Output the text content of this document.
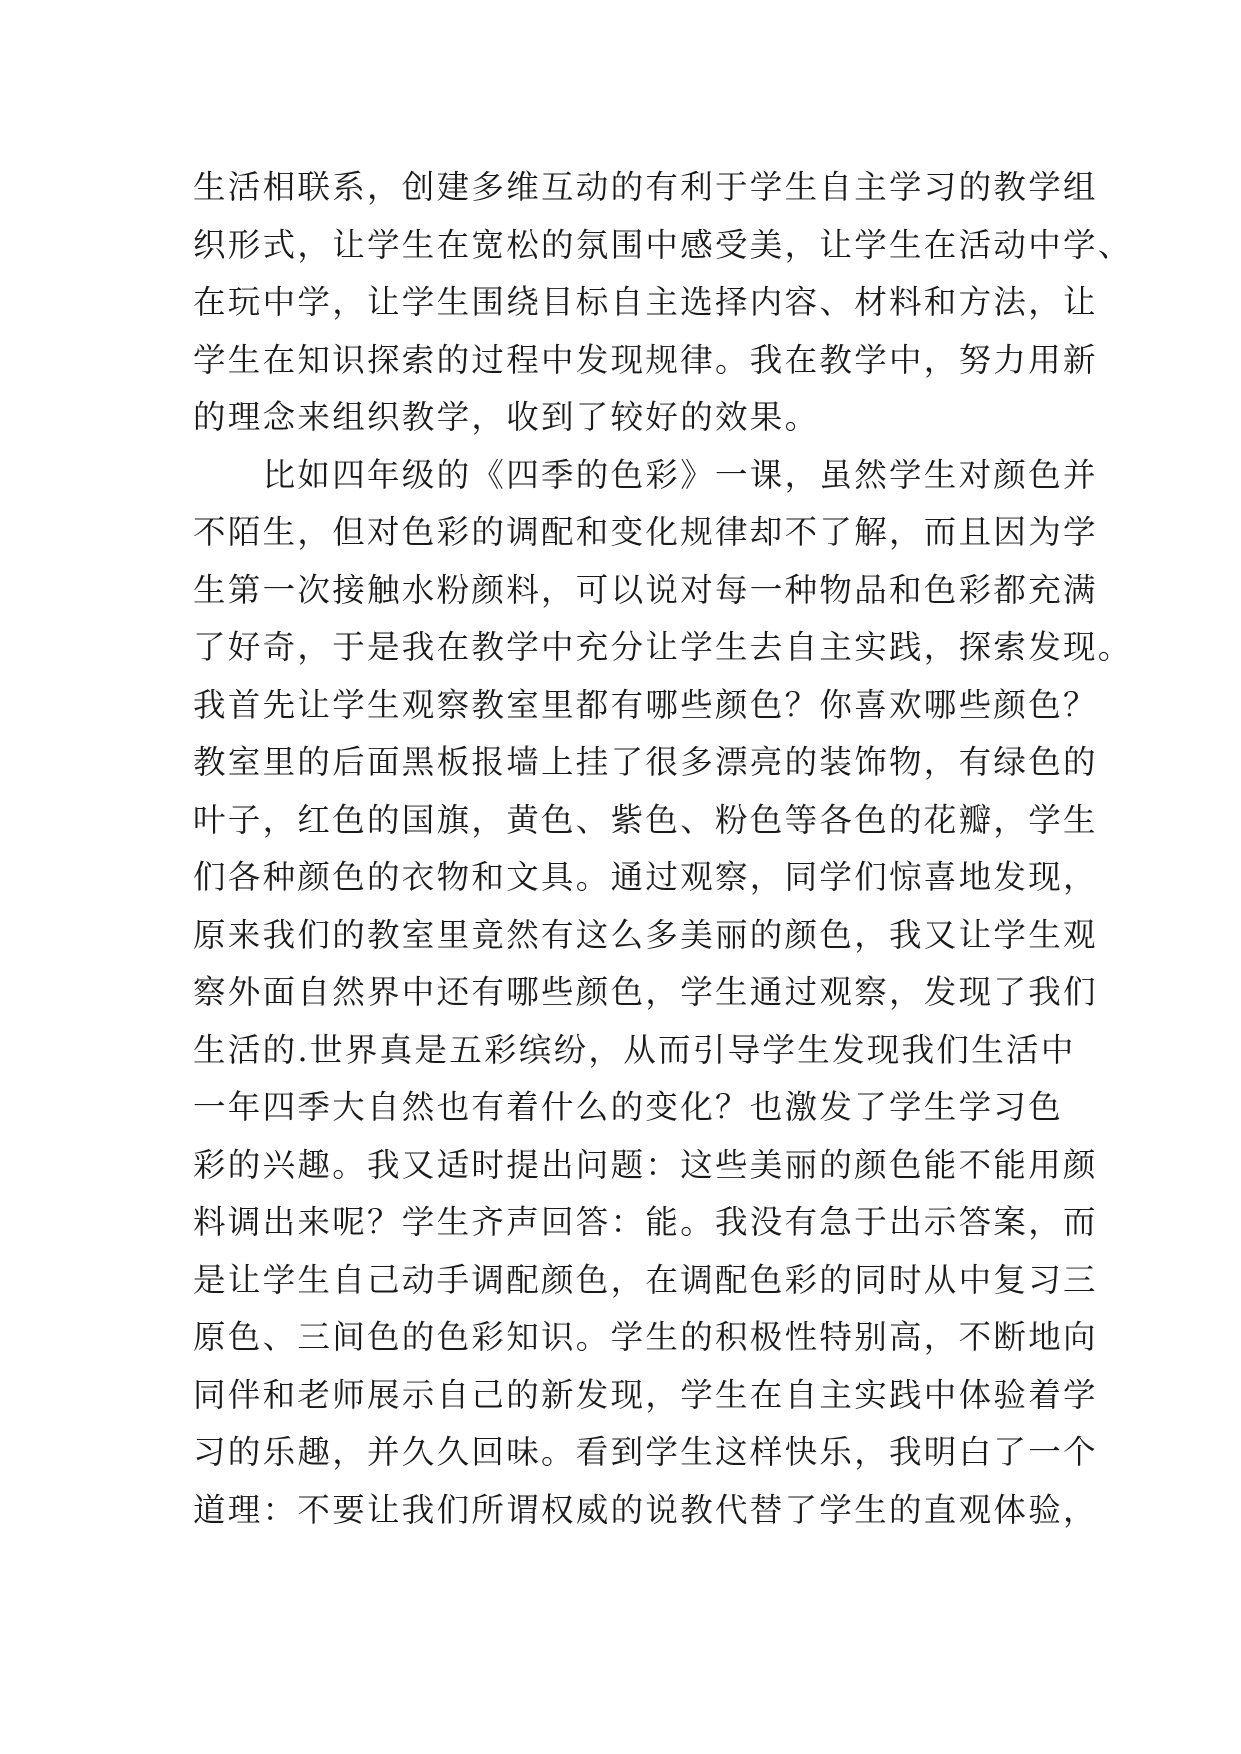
生活相联系，创建多维互动的有利于学生自主学习的教学组
织形式，让学生在宽松的氛围中感受美，让学生在活动中学、
在玩中学，让学生围绕目标自主选择内容、材料和方法，让
学生在知识探索的过程中发现规律。我在教学中，努力用新
的理念来组织教学，收到了较好的效果。
　　比如四年级的《四季的色彩》一课，虽然学生对颜色并
不陌生，但对色彩的调配和变化规律却不了解，而且因为学
生第一次接触水粉颜料，可以说对每一种物品和色彩都充满
了好奇，于是我在教学中充分让学生去自主实践，探索发现。
我首先让学生观察教室里都有哪些颜色？你喜欢哪些颜色？
教室里的后面黑板报墙上挂了很多漂亮的装饰物，有绿色的
叶子，红色的国旗，黄色、紫色、粉色等各色的花瓣，学生
们各种颜色的衣物和文具。通过观察，同学们惊喜地发现，
原来我们的教室里竟然有这么多美丽的颜色，我又让学生观
察外面自然界中还有哪些颜色，学生通过观察，发现了我们
生活的.世界真是五彩缤纷，从而引导学生发现我们生活中
一年四季大自然也有着什么的变化？也激发了学生学习色
彩的兴趣。我又适时提出问题：这些美丽的颜色能不能用颜
料调出来呢？学生齐声回答：能。我没有急于出示答案，而
是让学生自己动手调配颜色，在调配色彩的同时从中复习三
原色、三间色的色彩知识。学生的积极性特别高，不断地向
同伴和老师展示自己的新发现，学生在自主实践中体验着学
习的乐趣，并久久回味。看到学生这样快乐，我明白了一个
道理：不要让我们所谓权威的说教代替了学生的直观体验，
